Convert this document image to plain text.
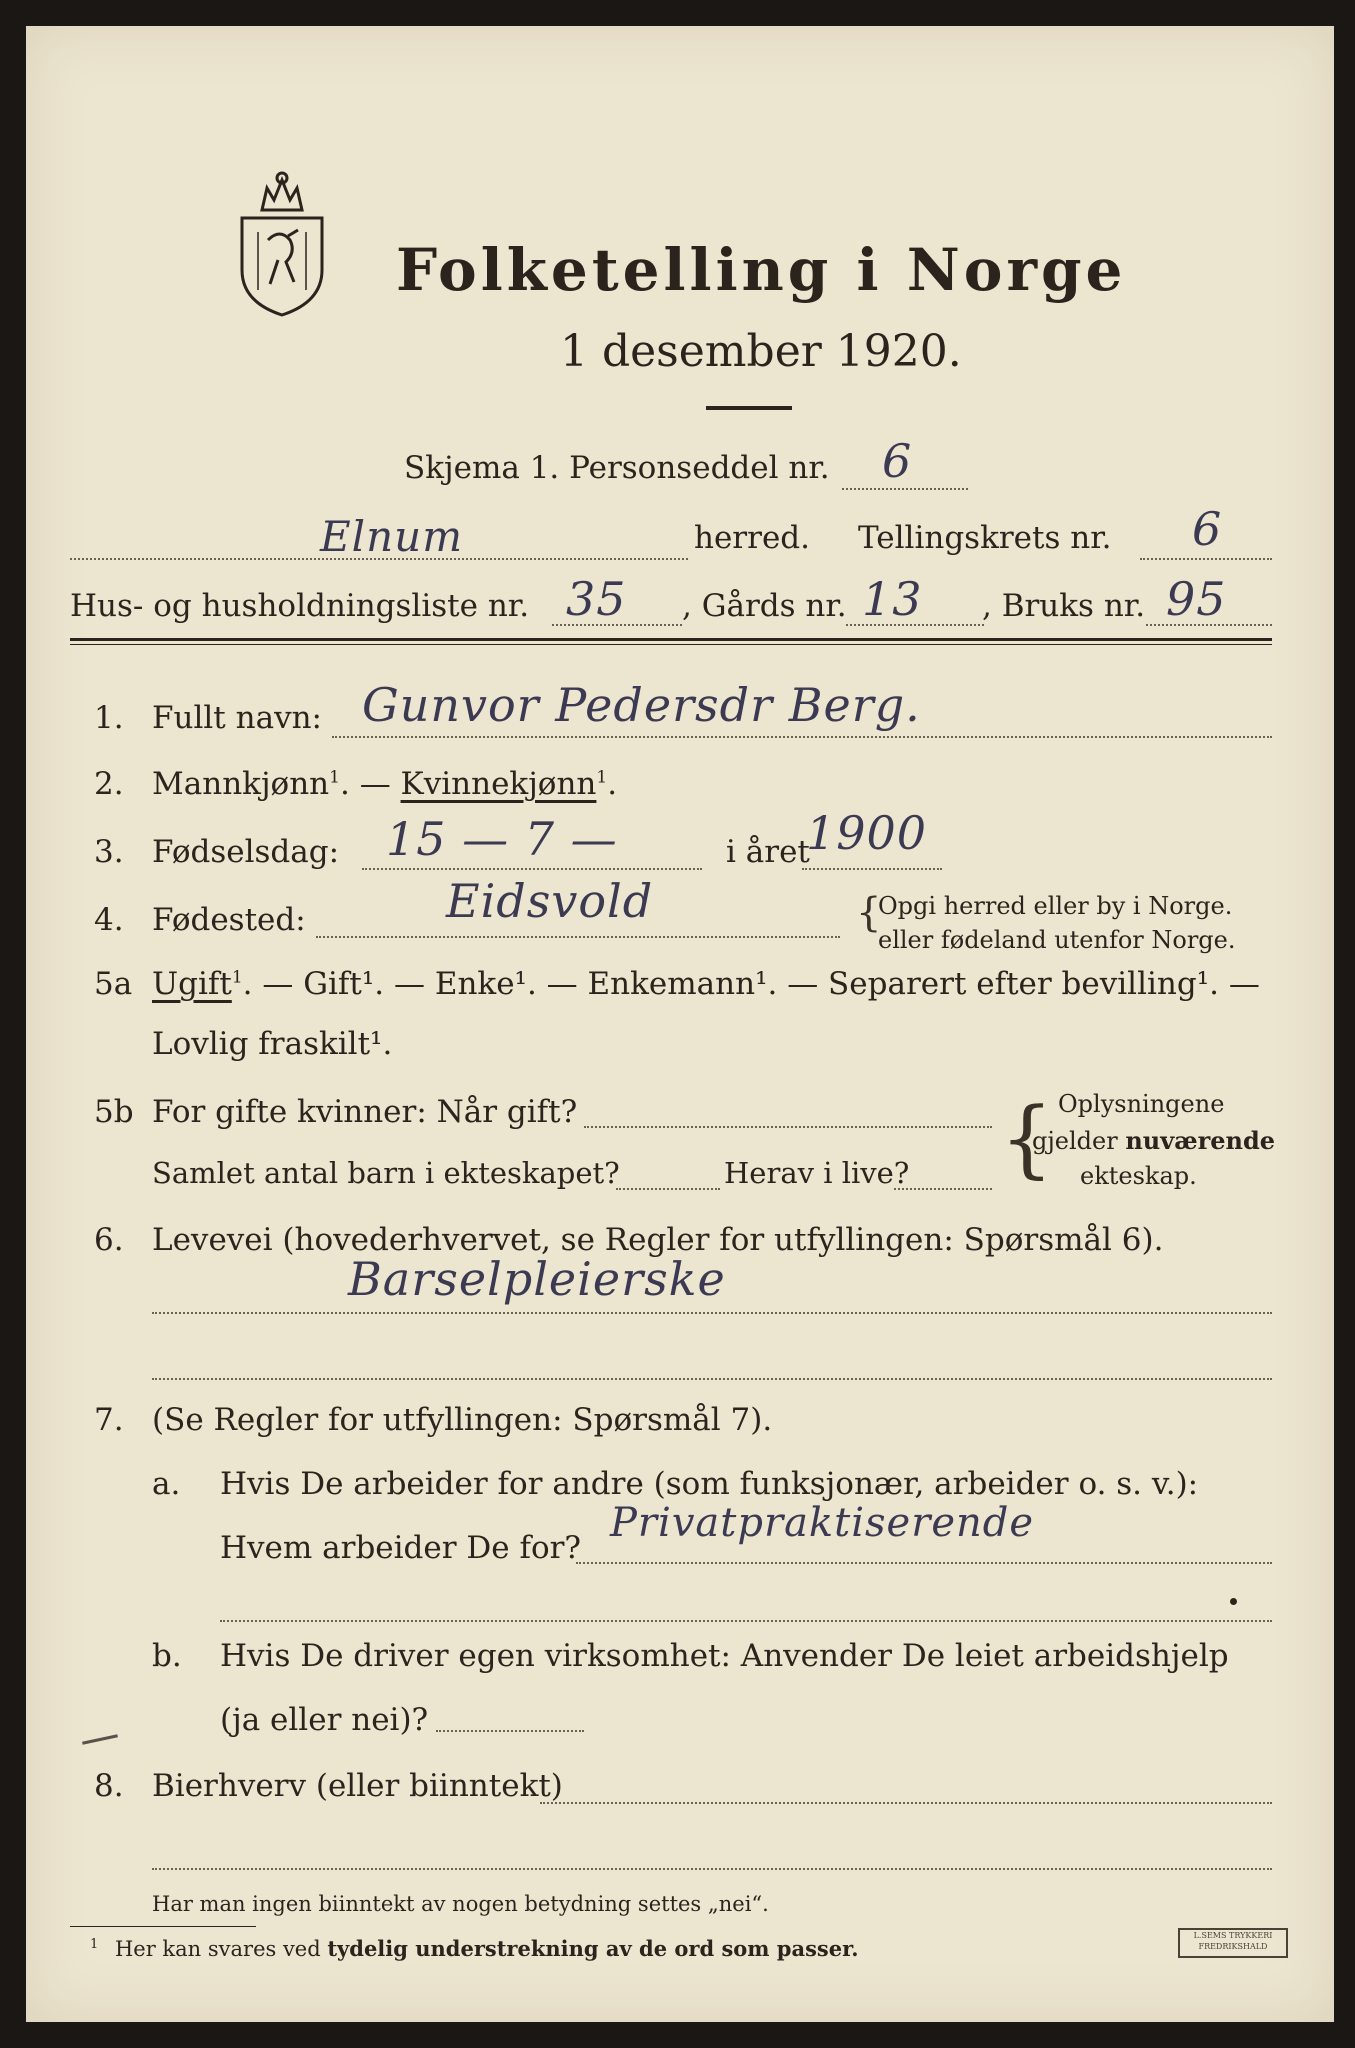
Folketelling i Norge
1 desember 1920.
Skjema 1. Personseddel nr. 6
Elnum	herred. Tellingskrets nr. 6
Hus- og husholdningsliste nr. 35 , Gårds nr. 13 , Bruks nr. 95
1. Fullt navn: Gunvor Pedersdr Berg.
2. Mannkjønn$^1$. — Kvinnekjønn$^1$.
3. Fødselsdag: 15 — 7 —	i året
1900
4. Fødested:	Eidsvold	{
Opgi herred eller by i Norge.
eller fødeland utenfor Norge.
5a Ugift$^1$. — Gift¹. — Enke¹. — Enkemann¹. — Separert efter bevilling¹. —
Lovlig fraskilt¹.
5b For gifte kvinner: Når gift?
Samlet antal barn i ekteskapet?	Herav i live? { Oplysningene
gjelder nuværende
ekteskap.
6. Levevei (hovederhvervet, se Regler for utfyllingen: Spørsmål 6).
Barselpleierske
7. (Se Regler for utfyllingen: Spørsmål 7).
a. Hvis De arbeider for andre (som funksjonær, arbeider o. s. v.):
Hvem arbeider De for?
Privatpraktiserende
b. Hvis De driver egen virksomhet: Anvender De leiet arbeidshjelp
(ja eller nei)?
8. Bierhverv (eller biinntekt)
Har man ingen biinntekt av nogen betydning settes „nei“.
$^1$ Her kan svares ved tydelig understrekning av de ord som passer.
L.SEMS TRYKKERI
FREDRIKSHALD
